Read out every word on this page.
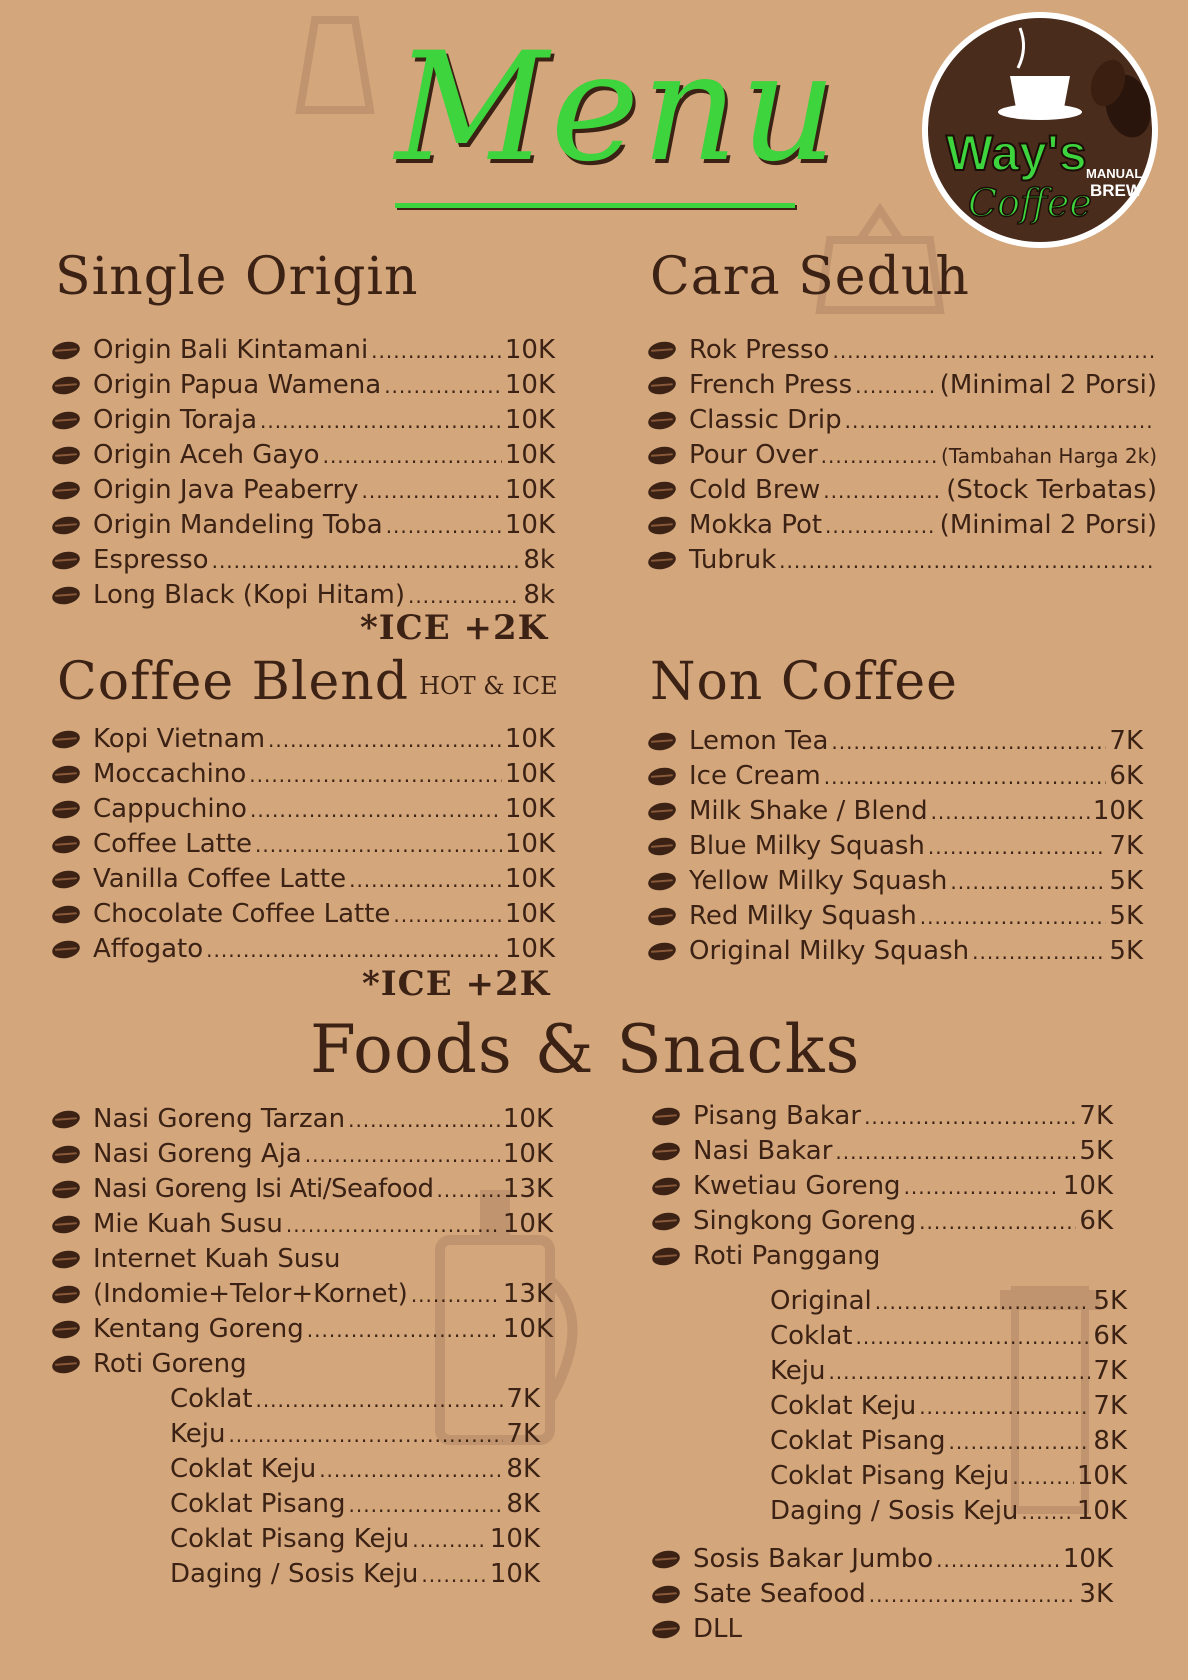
Menu Way's
Coffee
MANUAL
BREW
Single Origin
Origin Bali Kintamani .....	10K
Origin Papua Wamena .....	10K
Origin Toraja .....	10K
Origin Aceh Gayo .....	10K
Origin Java Peaberry .....	10K
Origin Mandeling Toba .....	10K
Espresso .....	8k
Long Black (Kopi Hitam) .....	8k
*ICE +2K
Cara Seduh
Rok Presso
.....
French Press .....	(Minimal 2 Porsi)
Classic Drip
.....
Pour Over .....	(Tambahan Harga 2k)
Cold Brew .....	(Stock Terbatas)
Mokka Pot .....	(Minimal 2 Porsi)
Tubruk
.....
Coffee Blend HOT & ICE
Kopi Vietnam .....	10K
Moccachino .....	10K
Cappuchino .....	10K
Coffee Latte .....	10K
Vanilla Coffee Latte .....	10K
Chocolate Coffee Latte .....	10K
Affogato .....	10K
*ICE +2K
Non Coffee
Lemon Tea .....	7K
Ice Cream .....	6K
Milk Shake / Blend .....	10K
Blue Milky Squash .....	7K
Yellow Milky Squash .....	5K
Red Milky Squash .....	5K
Original Milky Squash .....	5K
Foods & Snacks
Nasi Goreng Tarzan .....	10K
Nasi Goreng Aja .....	10K
Nasi Goreng Isi Ati/Seafood .....	13K
Mie Kuah Susu .....	10K
Internet Kuah Susu
(Indomie+Telor+Kornet) .....	13K
Kentang Goreng .....	10K
Roti Goreng
Coklat .....	7K
Keju .....	7K
Coklat Keju .....	8K
Coklat Pisang .....	8K
Coklat Pisang Keju .....	10K
Daging / Sosis Keju .....	10K
Pisang Bakar .....	7K
Nasi Bakar .....	5K
Kwetiau Goreng .....	10K
Singkong Goreng .....	6K
Roti Panggang
Original .....	5K
Coklat .....	6K
Keju .....	7K
Coklat Keju .....	7K
Coklat Pisang .....	8K
Coklat Pisang Keju .....	10K
Daging / Sosis Keju ..... 10K
Sosis Bakar Jumbo .....	10K
Sate Seafood .....	3K
DLL
